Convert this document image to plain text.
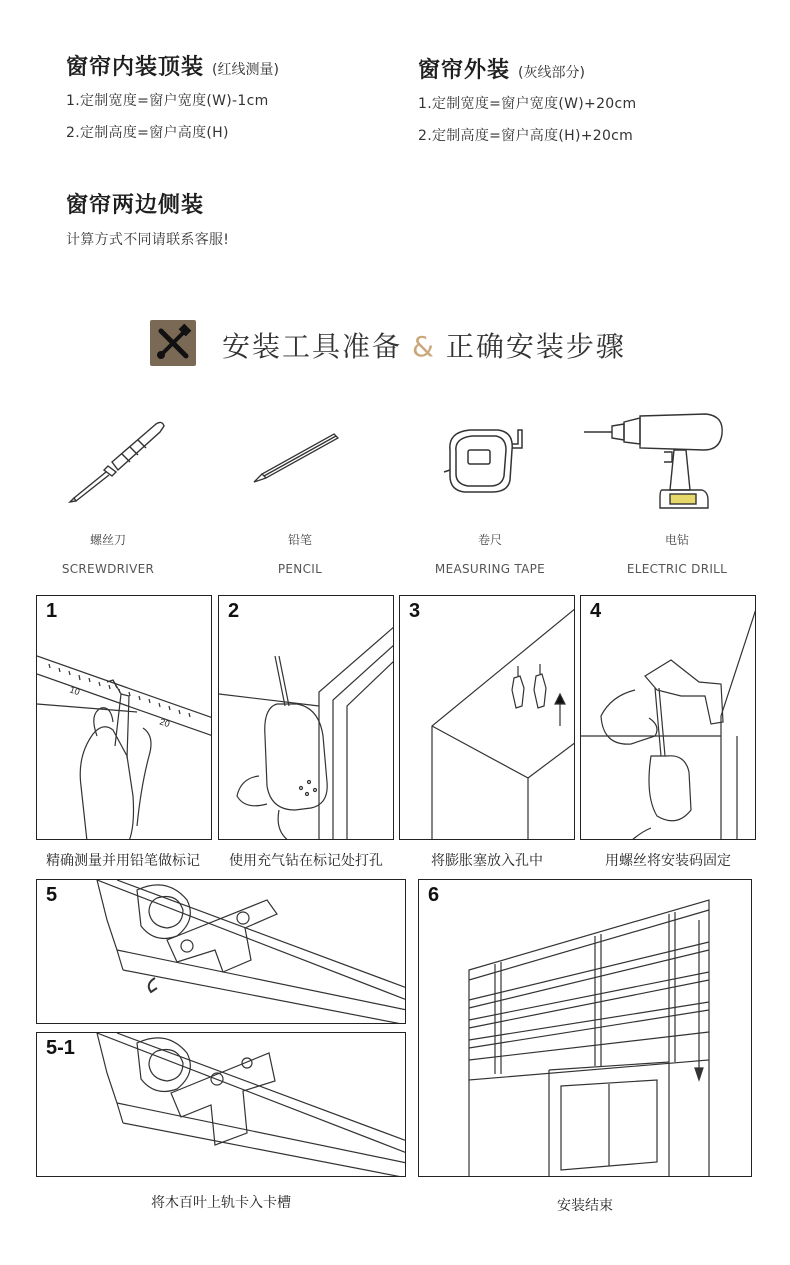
窗帘内装顶装 (红线测量)
1.定制宽度=窗户宽度(W)-1cm
2.定制高度=窗户高度(H)
窗帘外装 (灰线部分)
1.定制宽度=窗户宽度(W)+20cm
2.定制高度=窗户高度(H)+20cm
窗帘两边侧装
计算方式不同请联系客服!
安装工具准备 & 正确安装步骤
螺丝刀
SCREWDRIVER
铅笔
PENCIL
卷尺
MEASURING TAPE
电钻
ELECTRIC DRILL
1
10
20
2	3	4
精确测量并用铅笔做标记	使用充气钻在标记处打孔	将膨胀塞放入孔中	用螺丝将安装码固定
5
5-1
6
将木百叶上轨卡入卡槽	安装结束
